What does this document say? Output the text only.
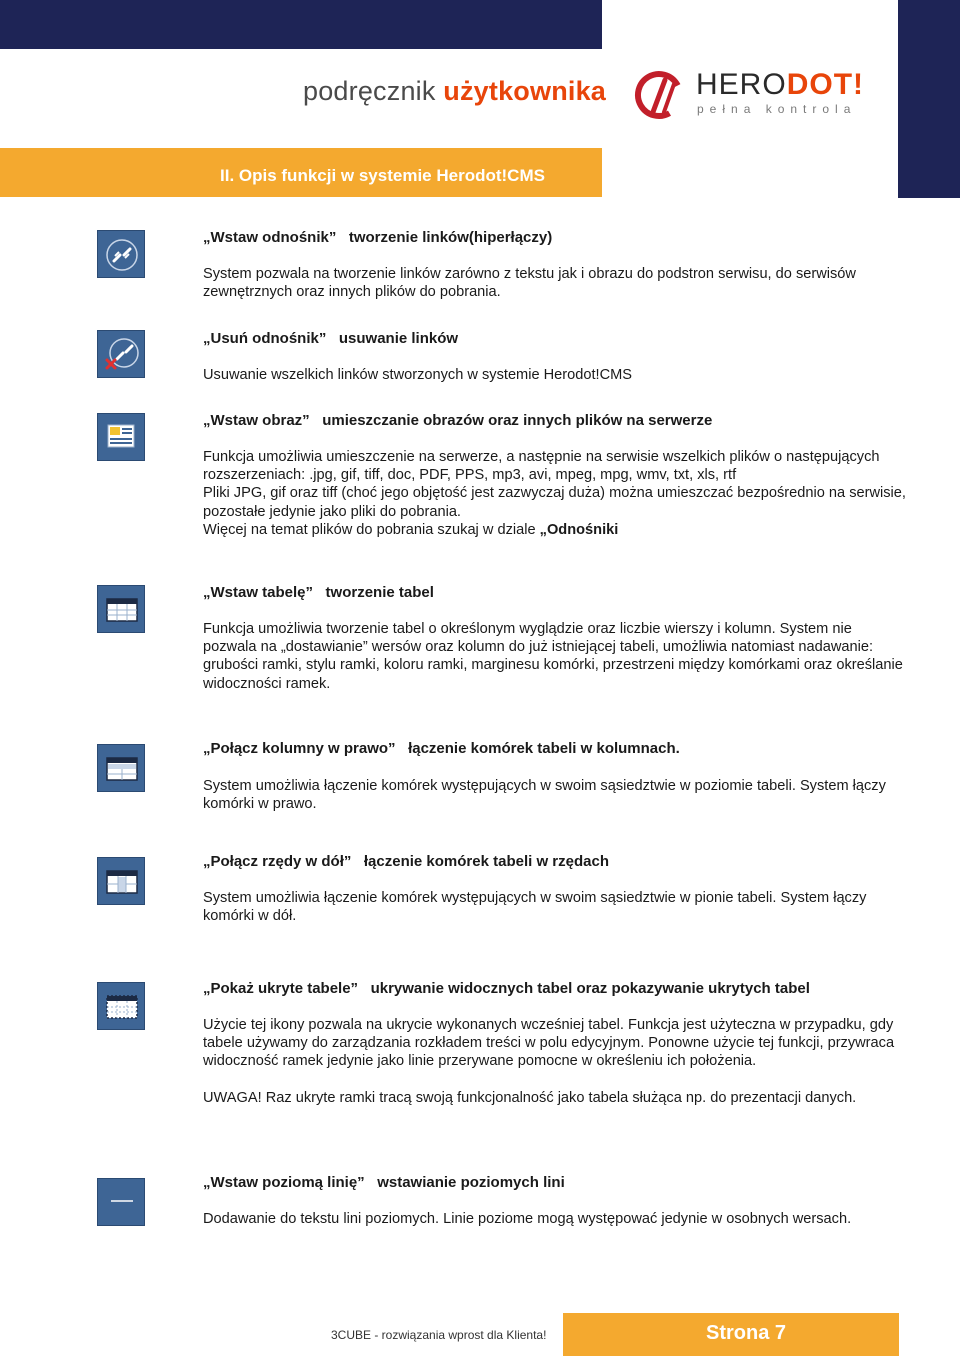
podręcznik użytkownika	HERODOT!
pełna kontrola
II. Opis funkcji w systemie Herodot!CMS
„Wstaw odnośnik” tworzenie linków(hiperłączy)
System pozwala na tworzenie linków zarówno z tekstu jak i obrazu do podstron serwisu, do serwisów zewnętrznych oraz innych plików do pobrania.
„Usuń odnośnik” usuwanie linków
Usuwanie wszelkich linków stworzonych w systemie Herodot!CMS
„Wstaw obraz” umieszczanie obrazów oraz innych plików na serwerze
Funkcja umożliwia umieszczenie na serwerze, a następnie na serwisie wszelkich plików o następujących rozszerzeniach: .jpg, gif, tiff, doc, PDF, PPS, mp3, avi, mpeg, mpg, wmv, txt, xls, rtf
Pliki JPG, gif oraz tiff (choć jego objętość jest zazwyczaj duża) można umieszczać bezpośrednio na serwisie, pozostałe jedynie jako pliki do pobrania.
Więcej na temat plików do pobrania szukaj w dziale „Odnośniki
„Wstaw tabelę” tworzenie tabel
Funkcja umożliwia tworzenie tabel o określonym wyglądzie oraz liczbie wierszy i kolumn. System nie pozwala na „dostawianie” wersów oraz kolumn do już istniejącej tabeli, umożliwia natomiast nadawanie: grubości ramki, stylu ramki, koloru ramki, marginesu komórki, przestrzeni między komórkami oraz określanie widoczności ramek.
„Połącz kolumny w prawo” łączenie komórek tabeli w kolumnach.
System umożliwia łączenie komórek występujących w swoim sąsiedztwie w poziomie tabeli. System łączy komórki w prawo.
„Połącz rzędy w dół” łączenie komórek tabeli w rzędach
System umożliwia łączenie komórek występujących w swoim sąsiedztwie w pionie tabeli. System łączy komórki w dół.
„Pokaż ukryte tabele” ukrywanie widocznych tabel oraz pokazywanie ukrytych tabel
Użycie tej ikony pozwala na ukrycie wykonanych wcześniej tabel. Funkcja jest użyteczna w przypadku, gdy tabele używamy do zarządzania rozkładem treści w polu edycyjnym. Ponowne użycie tej funkcji, przywraca widoczność ramek jedynie jako linie przerywane pomocne w określeniu ich położenia.
UWAGA! Raz ukryte ramki tracą swoją funkcjonalność jako tabela służąca np. do prezentacji danych.
„Wstaw poziomą linię” wstawianie poziomych lini
Dodawanie do tekstu lini poziomych. Linie poziome mogą występować jedynie w osobnych wersach.
3CUBE - rozwiązania wprost dla Klienta!	Strona 7
